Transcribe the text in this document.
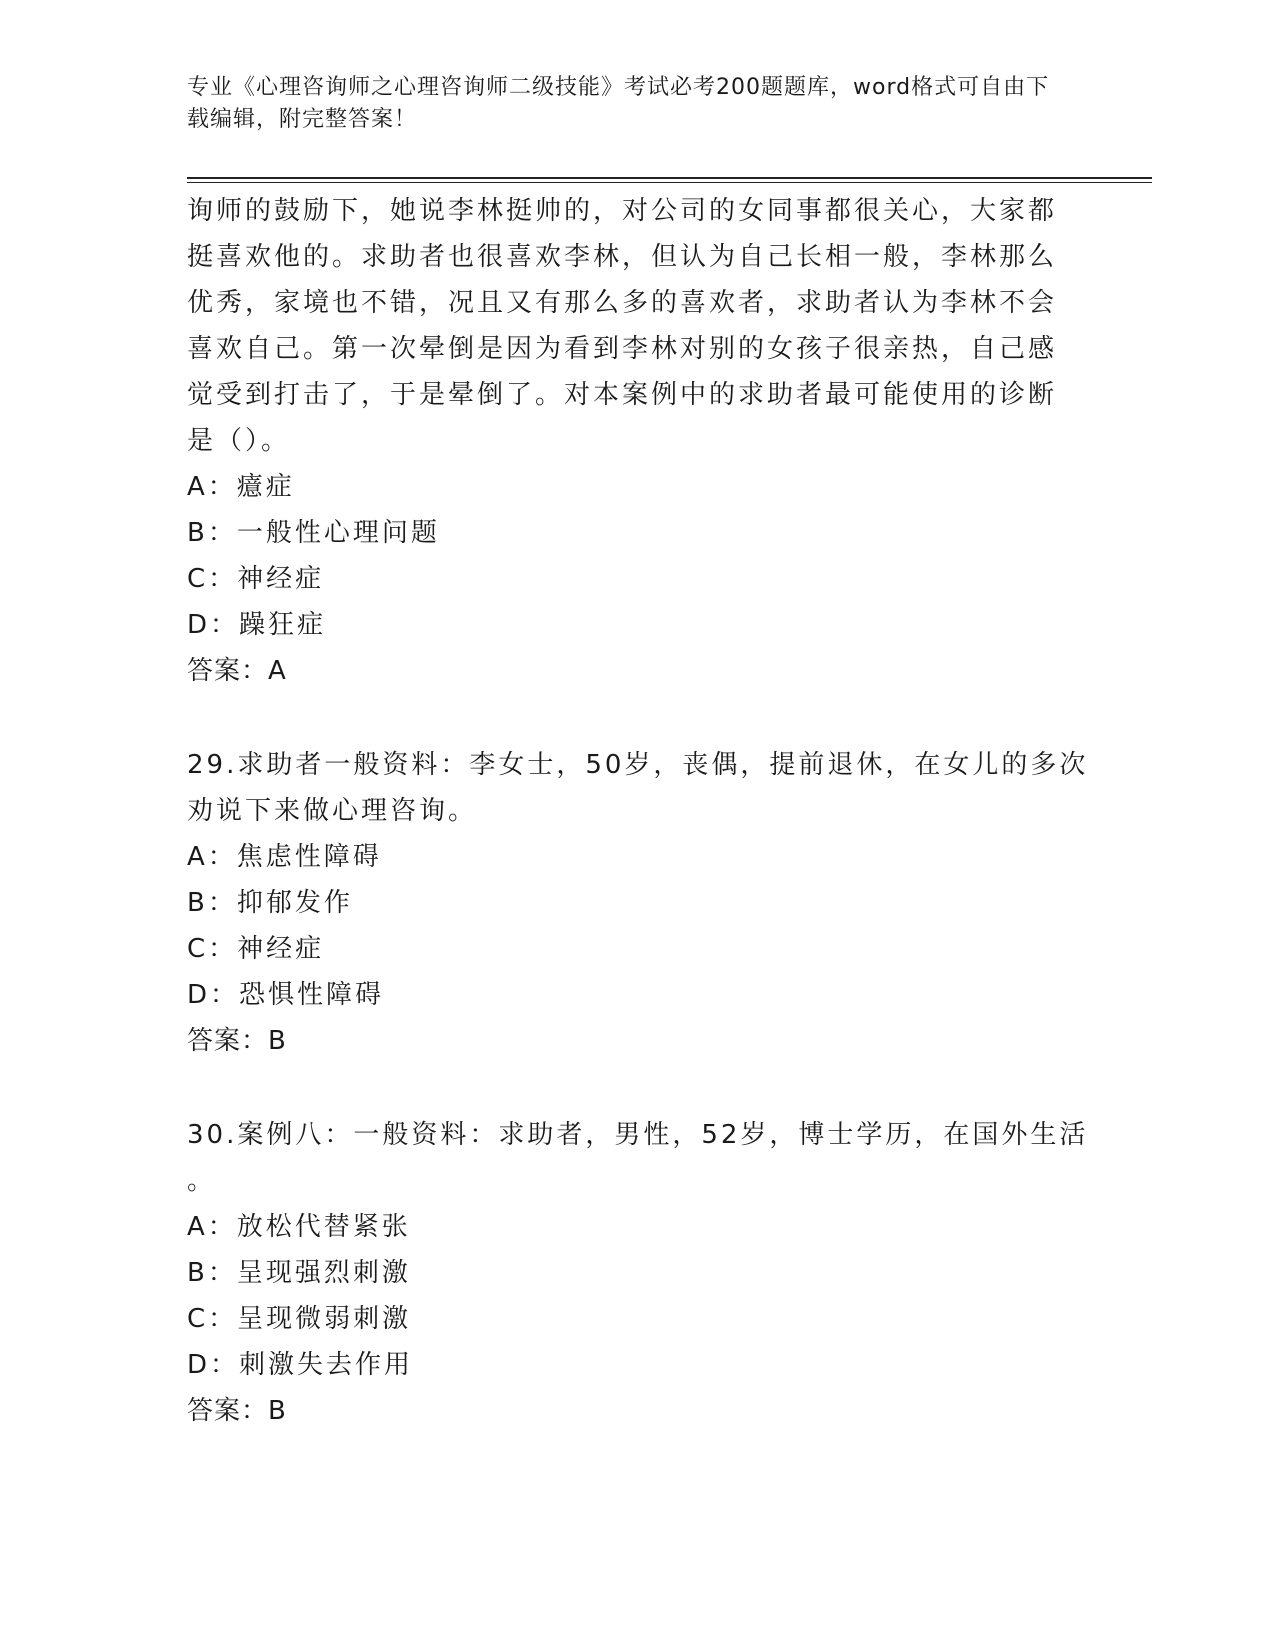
专业《心理咨询师之心理咨询师二级技能》考试必考200题题库，word格式可自由下载编辑，附完整答案！
询师的鼓励下，她说李林挺帅的，对公司的女同事都很关心，大家都
挺喜欢他的。求助者也很喜欢李林，但认为自己长相一般，李林那么
优秀，家境也不错，况且又有那么多的喜欢者，求助者认为李林不会
喜欢自己。第一次晕倒是因为看到李林对别的女孩子很亲热，自己感
觉受到打击了，于是晕倒了。对本案例中的求助者最可能使用的诊断
是（）。
A：癔症
B：一般性心理问题
C：神经症
D：躁狂症
答案：A
29.求助者一般资料：李女士，50岁，丧偶，提前退休，在女儿的多次
劝说下来做心理咨询。
A：焦虑性障碍
B：抑郁发作
C：神经症
D：恐惧性障碍
答案：B
30.案例八：一般资料：求助者，男性，52岁，博士学历，在国外生活
。
A：放松代替紧张
B：呈现强烈刺激
C：呈现微弱刺激
D：刺激失去作用
答案：B
